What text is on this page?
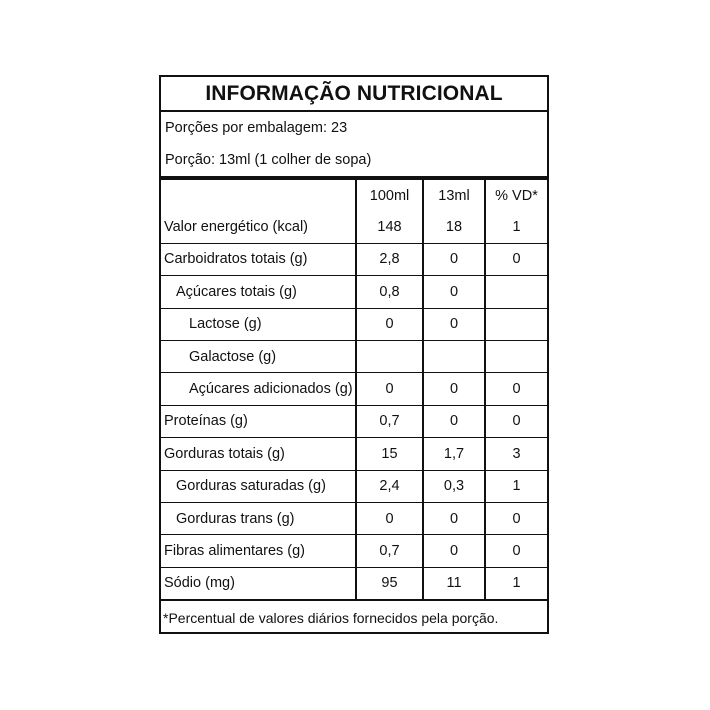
INFORMAÇÃO NUTRICIONAL
Porções por embalagem: 23
Porção: 13ml (1 colher de sopa)
	100ml	13ml	% VD*
Valor energético (kcal)	148	18	1
Carboidratos totais (g)	2,8	0	0
Açúcares totais (g)	0,8	0	
Lactose (g)	0	0	
Galactose (g)			
Açúcares adicionados (g)	0	0	0
Proteínas (g)	0,7	0	0
Gorduras totais (g)	15	1,7	3
Gorduras saturadas (g)	2,4	0,3	1
Gorduras trans (g)	0	0	0
Fibras alimentares (g)	0,7	0	0
Sódio (mg)	95	11	1
*Percentual de valores diários fornecidos pela porção.
